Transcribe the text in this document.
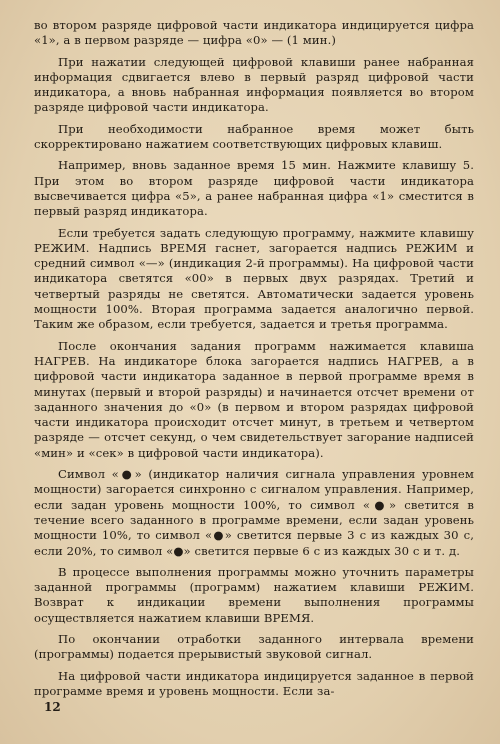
во втором разряде цифровой части индикатора индицируется цифра «1», а в первом разряде — цифра «0» — (1 мин.)

При нажатии следующей цифровой клавиши ранее набранная информация сдвигается влево в первый разряд цифровой части индикатора, а вновь набранная информация появляется во втором разряде цифровой части индикатора.

При необходимости набранное время может быть скорректировано нажатием соответствующих цифровых клавиш.

Например, вновь заданное время 15 мин. Нажмите клавишу 5. При этом во втором разряде цифровой части индикатора высвечивается цифра «5», а ранее набранная цифра «1» сместится в первый разряд индикатора.

Если требуется задать следующую программу, нажмите клавишу РЕЖИМ. Надпись ВРЕМЯ гаснет, загорается надпись РЕЖИМ и средний символ «—» (индикация 2-й программы). На цифровой части индикатора светятся «00» в первых двух разрядах. Третий и четвертый разряды не светятся. Автоматически задается уровень мощности 100%. Вторая программа задается аналогично первой. Таким же образом, если требуется, задается и третья программа.

После окончания задания программ нажимается клавиша НАГРЕВ. На индикаторе блока загорается надпись НАГРЕВ, а в цифровой части индикатора заданное в первой программе время в минутах (первый и второй разряды) и начинается отсчет времени от заданного значения до «0» (в первом и втором разрядах цифровой части индикатора происходит отсчет минут, в третьем и четвертом разряде — отсчет секунд, о чем свидетельствует загорание надписей «мин» и «сек» в цифровой части индикатора).

Символ «●» (индикатор наличия сигнала управления уровнем мощности) загорается синхронно с сигналом управления. Например, если задан уровень мощности 100%, то символ «●» светится в течение всего заданного в программе времени, если задан уровень мощности 10%, то символ «●» светится первые 3 с из каждых 30 с, если 20%, то символ «●» светится первые 6 с из каждых 30 с и т. д.

В процессе выполнения программы можно уточнить параметры заданной программы (программ) нажатием клавиши РЕЖИМ. Возврат к индикации времени выполнения программы осуществляется нажатием клавиши ВРЕМЯ.

По окончании отработки заданного интервала времени (программы) подается прерывистый звуковой сигнал.

На цифровой части индикатора индицируется заданное в первой программе время и уровень мощности. Если за-

12
